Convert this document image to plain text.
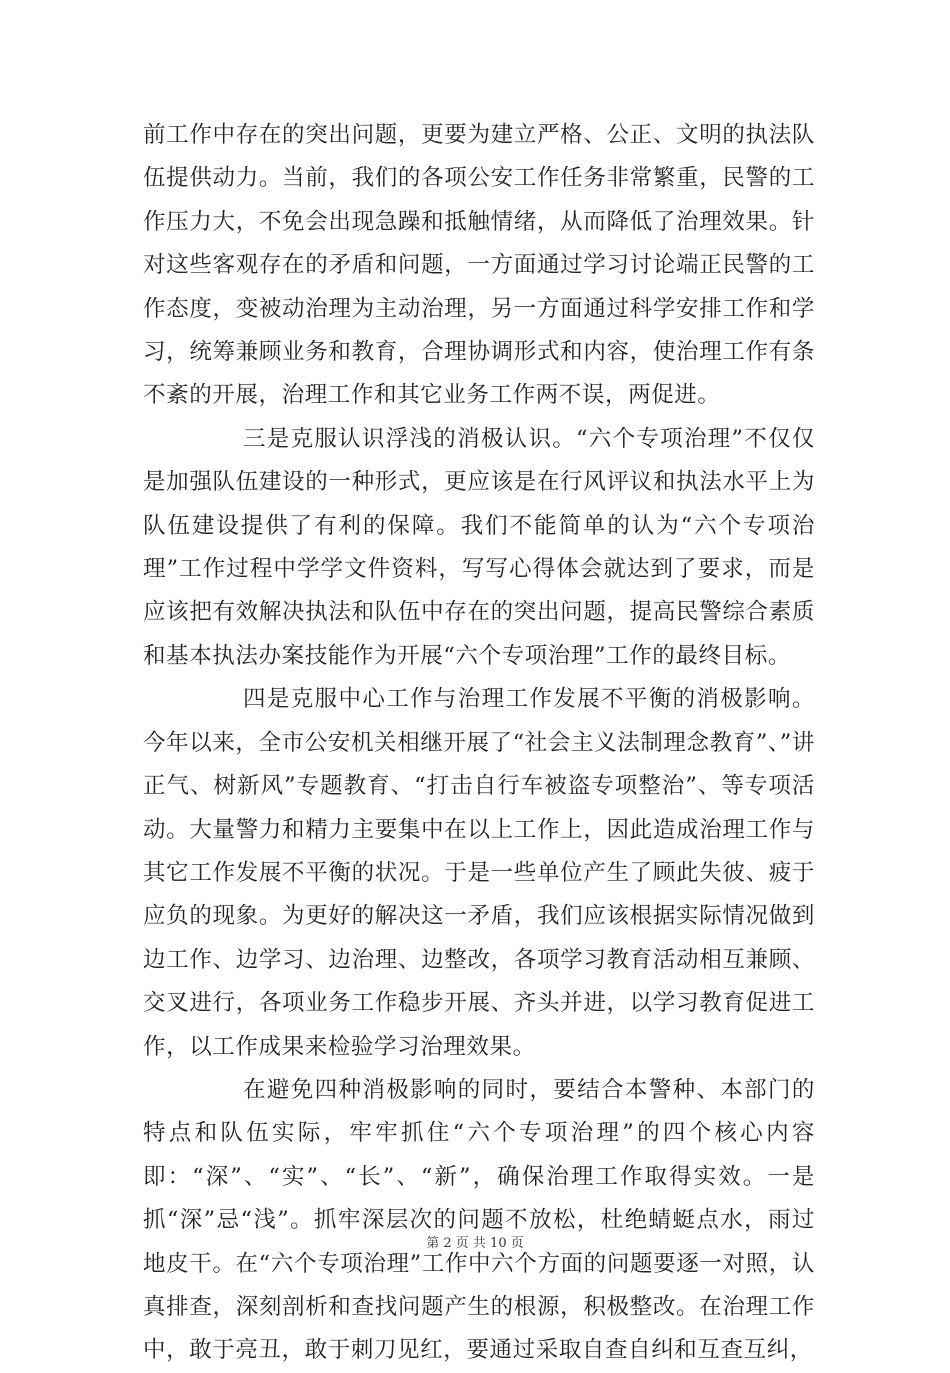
前工作中存在的突出问题，更要为建立严格、公正、文明的执法队伍提供动力。当前，我们的各项公安工作任务非常繁重，民警的工作压力大，不免会出现急躁和抵触情绪，从而降低了治理效果。针对这些客观存在的矛盾和问题，一方面通过学习讨论端正民警的工作态度，变被动治理为主动治理，另一方面通过科学安排工作和学习，统筹兼顾业务和教育，合理协调形式和内容，使治理工作有条不紊的开展，治理工作和其它业务工作两不误，两促进。

三是克服认识浮浅的消极认识。“六个专项治理”不仅仅是加强队伍建设的一种形式，更应该是在行风评议和执法水平上为队伍建设提供了有利的保障。我们不能简单的认为“六个专项治理”工作过程中学学文件资料，写写心得体会就达到了要求，而是应该把有效解决执法和队伍中存在的突出问题，提高民警综合素质和基本执法办案技能作为开展“六个专项治理”工作的最终目标。

四是克服中心工作与治理工作发展不平衡的消极影响。今年以来，全市公安机关相继开展了“社会主义法制理念教育”、”讲正气、树新风”专题教育、“打击自行车被盗专项整治”、等专项活动。大量警力和精力主要集中在以上工作上，因此造成治理工作与其它工作发展不平衡的状况。于是一些单位产生了顾此失彼、疲于应负的现象。为更好的解决这一矛盾，我们应该根据实际情况做到边工作、边学习、边治理、边整改，各项学习教育活动相互兼顾、交叉进行，各项业务工作稳步开展、齐头并进，以学习教育促进工作，以工作成果来检验学习治理效果。

在避免四种消极影响的同时，要结合本警种、本部门的特点和队伍实际，牢牢抓住“六个专项治理”的四个核心内容即：“深”、“实”、“长”、“新”，确保治理工作取得实效。一是抓“深”忌“浅”。抓牢深层次的问题不放松，杜绝蜻蜓点水，雨过地皮干。在“六个专项治理”工作中六个方面的问题要逐一对照，认真排查，深刻剖析和查找问题产生的根源，积极整改。在治理工作中，敢于亮丑，敢于刺刀见红，要通过采取自查自纠和互查互纠，

第 2 页 共 10 页
